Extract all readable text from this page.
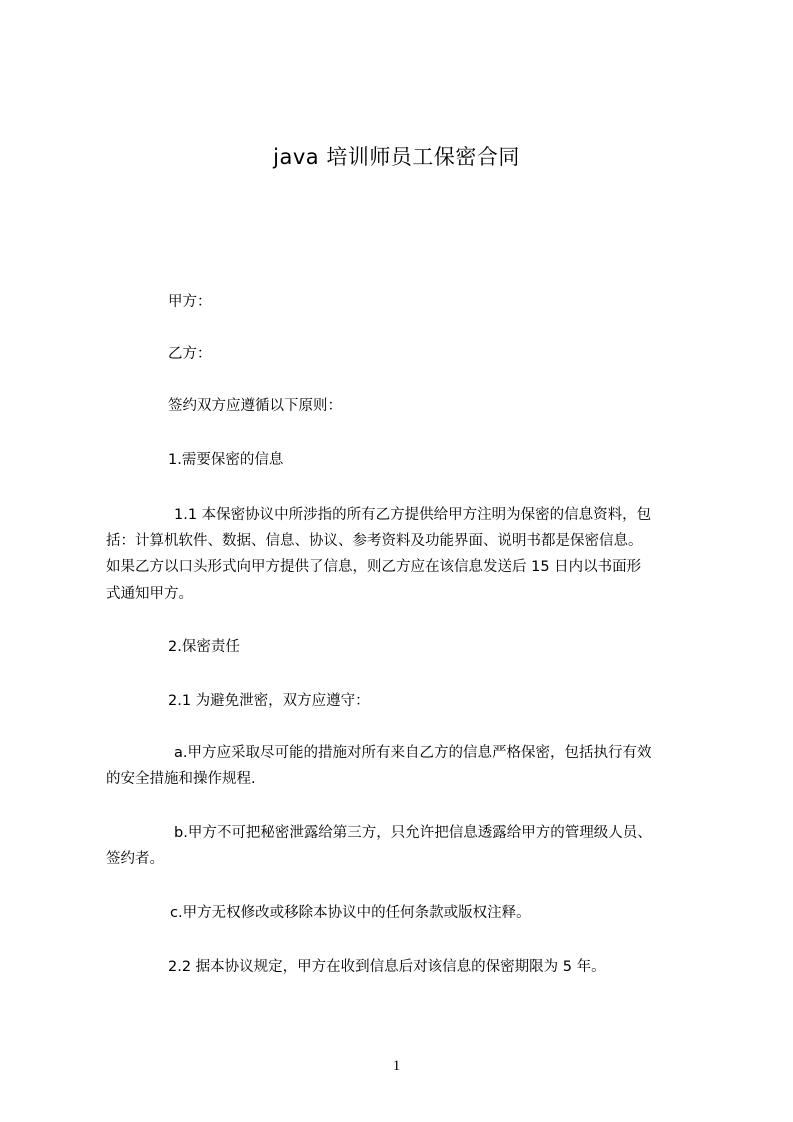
java 培训师员工保密合同
甲方：
乙方：
签约双方应遵循以下原则：
1.需要保密的信息
1.1 本保密协议中所涉指的所有乙方提供给甲方注明为保密的信息资料，包
括：计算机软件、数据、信息、协议、参考资料及功能界面、说明书都是保密信息。
如果乙方以口头形式向甲方提供了信息，则乙方应在该信息发送后 15 日内以书面形
式通知甲方。
2.保密责任
2.1 为避免泄密，双方应遵守：
a.甲方应采取尽可能的措施对所有来自乙方的信息严格保密，包括执行有效
的安全措施和操作规程.
b.甲方不可把秘密泄露给第三方，只允许把信息透露给甲方的管理级人员、
签约者。
c.甲方无权修改或移除本协议中的任何条款或版权注释。
2.2 据本协议规定，甲方在收到信息后对该信息的保密期限为 5 年。
1
